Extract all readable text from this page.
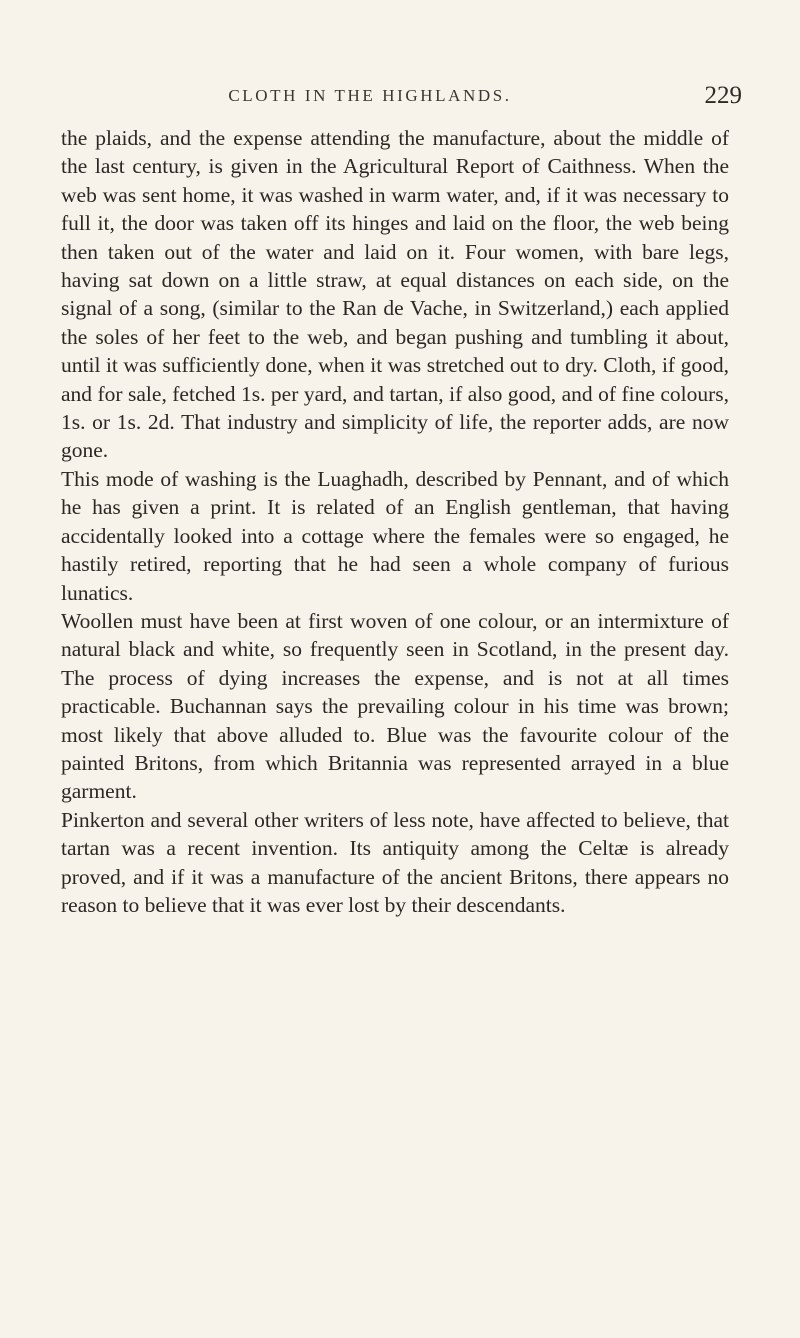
CLOTH IN THE HIGHLANDS.	229

the plaids, and the expense attending the manufacture, about the middle of the last century, is given in the Agricultural Report of Caithness. When the web was sent home, it was washed in warm water, and, if it was necessary to full it, the door was taken off its hinges and laid on the floor, the web being then taken out of the water and laid on it. Four women, with bare legs, having sat down on a little straw, at equal distances on each side, on the signal of a song, (similar to the Ran de Vache, in Switzerland,) each applied the soles of her feet to the web, and began pushing and tumbling it about, until it was sufficiently done, when it was stretched out to dry. Cloth, if good, and for sale, fetched 1s. per yard, and tartan, if also good, and of fine colours, 1s. or 1s. 2d. That industry and simplicity of life, the reporter adds, are now gone.

This mode of washing is the Luaghadh, described by Pennant, and of which he has given a print. It is related of an English gentleman, that having accidentally looked into a cottage where the females were so engaged, he hastily retired, reporting that he had seen a whole company of furious lunatics.

Woollen must have been at first woven of one colour, or an intermixture of natural black and white, so frequently seen in Scotland, in the present day. The process of dying increases the expense, and is not at all times practicable. Buchannan says the prevailing colour in his time was brown; most likely that above alluded to. Blue was the favourite colour of the painted Britons, from which Britannia was represented arrayed in a blue garment.

Pinkerton and several other writers of less note, have affected to believe, that tartan was a recent invention. Its antiquity among the Celtæ is already proved, and if it was a manufacture of the ancient Britons, there appears no reason to believe that it was ever lost by their descendants.
